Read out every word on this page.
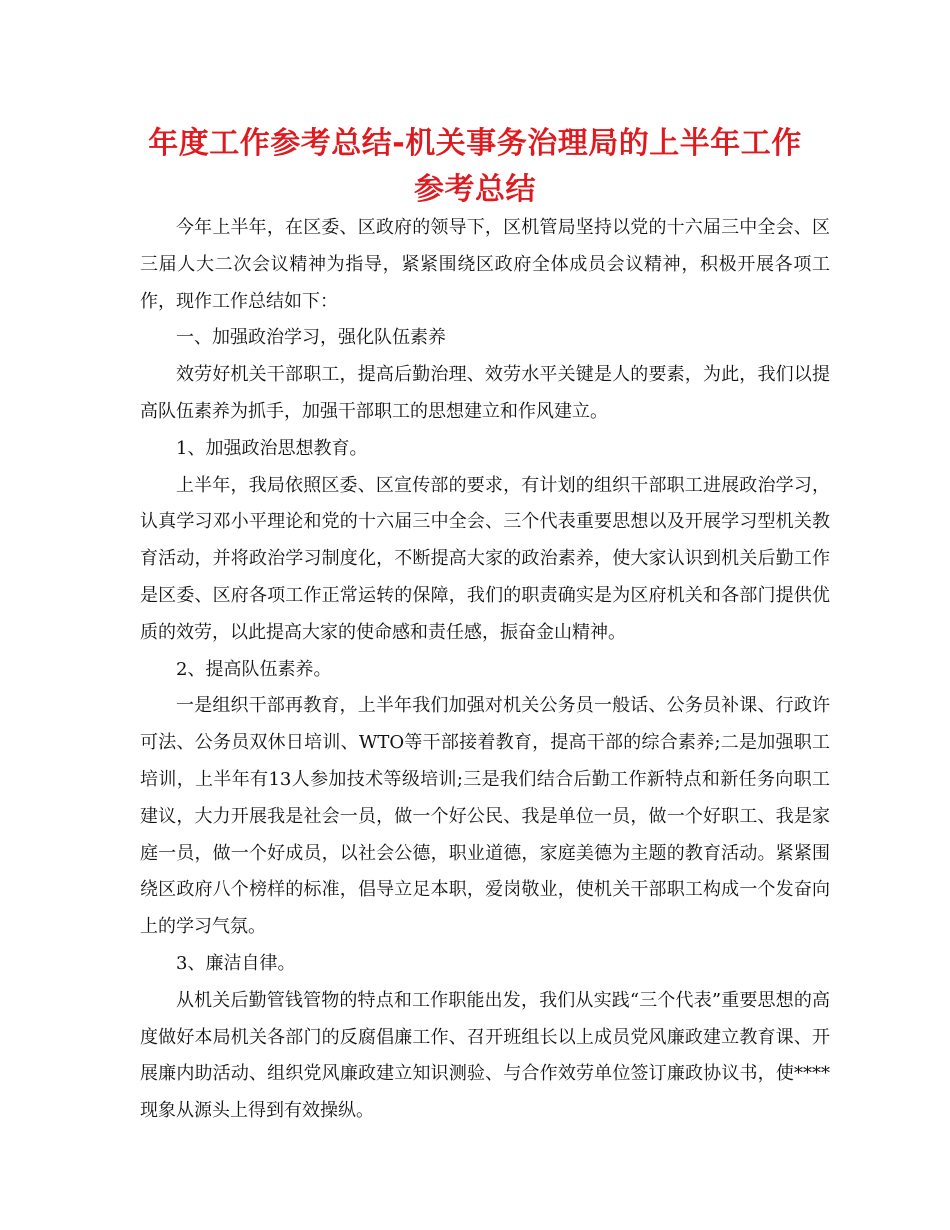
年度工作参考总结-机关事务治理局的上半年工作
参考总结

今年上半年，在区委、区政府的领导下，区机管局坚持以党的十六届三中全会、区三届人大二次会议精神为指导，紧紧围绕区政府全体成员会议精神，积极开展各项工作，现作工作总结如下：

一、加强政治学习，强化队伍素养

效劳好机关干部职工，提高后勤治理、效劳水平关键是人的要素，为此，我们以提高队伍素养为抓手，加强干部职工的思想建立和作风建立。

1、加强政治思想教育。

上半年，我局依照区委、区宣传部的要求，有计划的组织干部职工进展政治学习，认真学习邓小平理论和党的十六届三中全会、三个代表重要思想以及开展学习型机关教育活动，并将政治学习制度化，不断提高大家的政治素养，使大家认识到机关后勤工作是区委、区府各项工作正常运转的保障，我们的职责确实是为区府机关和各部门提供优质的效劳，以此提高大家的使命感和责任感，振奋金山精神。

2、提高队伍素养。

一是组织干部再教育，上半年我们加强对机关公务员一般话、公务员补课、行政许可法、公务员双休日培训、WTO等干部接着教育，提高干部的综合素养;二是加强职工培训，上半年有13人参加技术等级培训;三是我们结合后勤工作新特点和新任务向职工建议，大力开展我是社会一员，做一个好公民、我是单位一员，做一个好职工、我是家庭一员，做一个好成员，以社会公德，职业道德，家庭美德为主题的教育活动。紧紧围绕区政府八个榜样的标准，倡导立足本职，爱岗敬业，使机关干部职工构成一个发奋向上的学习气氛。

3、廉洁自律。

从机关后勤管钱管物的特点和工作职能出发，我们从实践“三个代表”重要思想的高度做好本局机关各部门的反腐倡廉工作、召开班组长以上成员党风廉政建立教育课、开展廉内助活动、组织党风廉政建立知识测验、与合作效劳单位签订廉政协议书，使****现象从源头上得到有效操纵。
